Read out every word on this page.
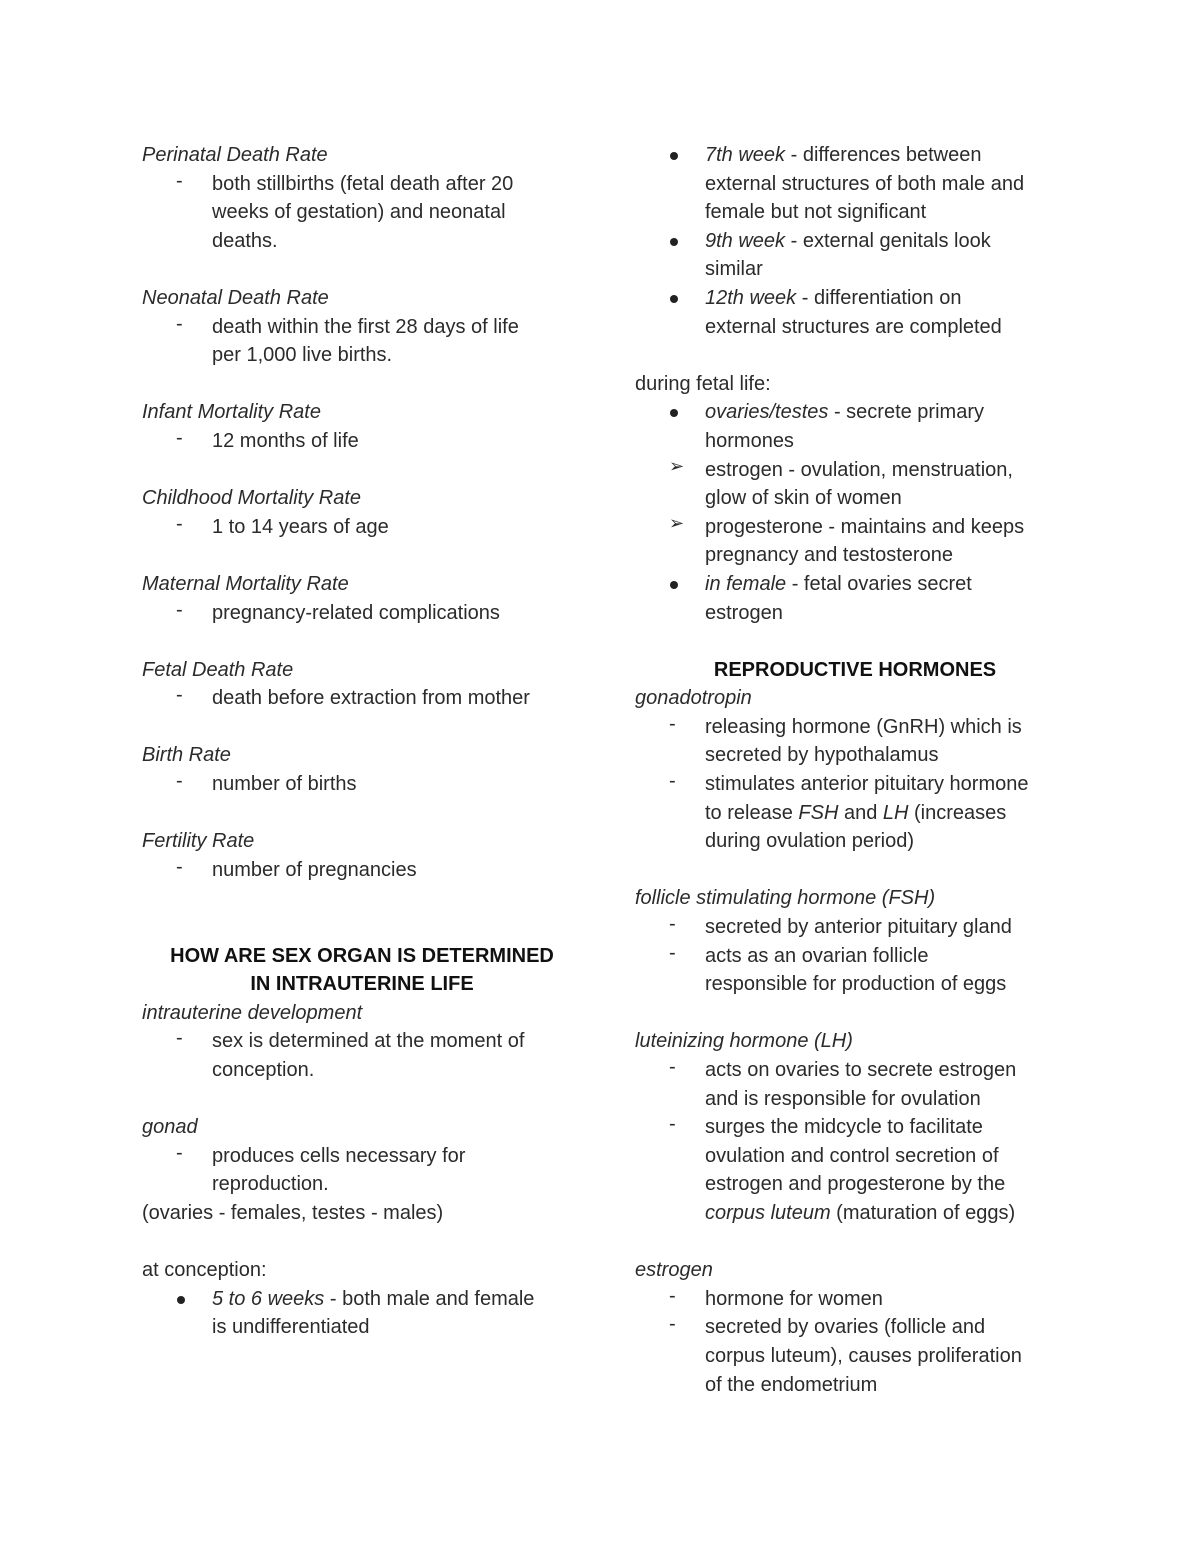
Perinatal Death Rate
-
both stillbirths (fetal death after 20
weeks of gestation) and neonatal
deaths.
Neonatal Death Rate
-
death within the first 28 days of life
per 1,000 live births.
Infant Mortality Rate
-
12 months of life
Childhood Mortality Rate
-
1 to 14 years of age
Maternal Mortality Rate
-
pregnancy-related complications
Fetal Death Rate
-
death before extraction from mother
Birth Rate
-
number of births
Fertility Rate
-
number of pregnancies
HOW ARE SEX ORGAN IS DETERMINED
IN INTRAUTERINE LIFE
intrauterine development
-
sex is determined at the moment of
conception.
gonad
-
produces cells necessary for
reproduction.
(ovaries - females, testes - males)
at conception:
5 to 6 weeks - both male and female
is undifferentiated
7th week - differences between
external structures of both male and
female but not significant
9th week - external genitals look
similar
12th week - differentiation on
external structures are completed
during fetal life:
ovaries/testes - secrete primary
hormones
➢	estrogen - ovulation, menstruation,
glow of skin of women
➢	progesterone - maintains and keeps
pregnancy and testosterone
in female - fetal ovaries secret
estrogen
REPRODUCTIVE HORMONES
gonadotropin
-
releasing hormone (GnRH) which is
secreted by hypothalamus
-
stimulates anterior pituitary hormone
to release FSH and LH (increases
during ovulation period)
follicle stimulating hormone (FSH)
-
secreted by anterior pituitary gland
-
acts as an ovarian follicle
responsible for production of eggs
luteinizing hormone (LH)
-
acts on ovaries to secrete estrogen
and is responsible for ovulation
-
surges the midcycle to facilitate
ovulation and control secretion of
estrogen and progesterone by the
corpus luteum (maturation of eggs)
estrogen
-
hormone for women
-
secreted by ovaries (follicle and
corpus luteum), causes proliferation
of the endometrium
